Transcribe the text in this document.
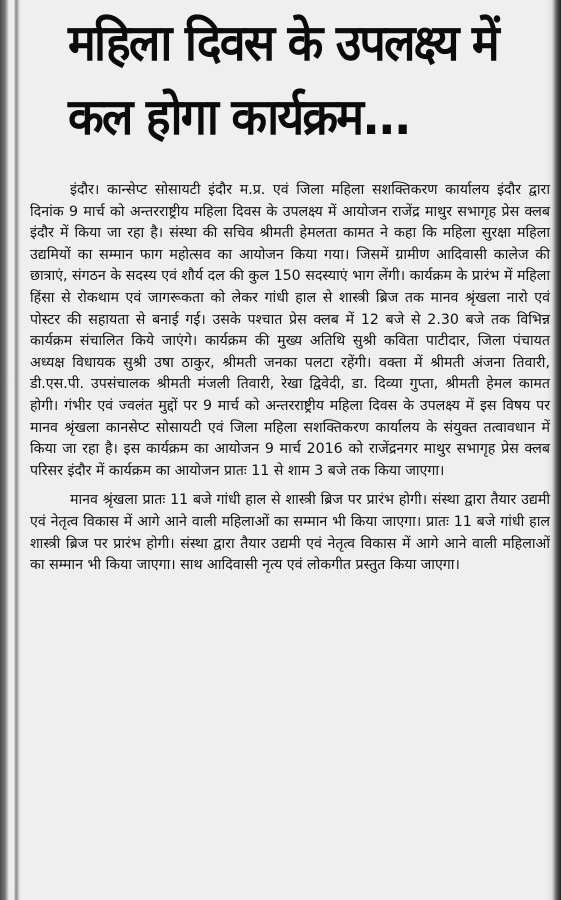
महिला दिवस के उपलक्ष्य में कल होगा कार्यक्रम...

इंदौर। कान्सेप्ट सोसायटी इंदौर म.प्र. एवं जिला महिला सशक्तिकरण कार्यालय इंदौर द्वारा दिनांक 9 मार्च को अन्तरराष्ट्रीय महिला दिवस के उपलक्ष्य में आयोजन राजेंद्र माथुर सभागृह प्रेस क्लब इंदौर में किया जा रहा है। संस्था की सचिव श्रीमती हेमलता कामत ने कहा कि महिला सुरक्षा महिला उद्यमियों का सम्मान फाग महोत्सव का आयोजन किया गया। जिसमें ग्रामीण आदिवासी कालेज की छात्राएं, संगठन के सदस्य एवं शौर्य दल की कुल 150 सदस्याएं भाग लेंगी। कार्यक्रम के प्रारंभ में महिला हिंसा से रोकथाम एवं जागरूकता को लेकर गांधी हाल से शास्त्री ब्रिज तक मानव श्रृंखला नारो एवं पोस्टर की सहायता से बनाई गई। उसके पश्चात प्रेस क्लब में 12 बजे से 2.30 बजे तक विभिन्न कार्यक्रम संचालित किये जाएंगे। कार्यक्रम की मुख्य अतिथि सुश्री कविता पाटीदार, जिला पंचायत अध्यक्ष विधायक सुश्री उषा ठाकुर, श्रीमती जनका पलटा रहेंगी। वक्ता में श्रीमती अंजना तिवारी, डी.एस.पी. उपसंचालक श्रीमती मंजली तिवारी, रेखा द्विवेदी, डा. दिव्या गुप्ता, श्रीमती हेमल कामत होगी। गंभीर एवं ज्वलंत मुद्दों पर 9 मार्च को अन्तरराष्ट्रीय महिला दिवस के उपलक्ष्य में इस विषय पर मानव श्रृंखला कानसेप्ट सोसायटी एवं जिला महिला सशक्तिकरण कार्यालय के संयुक्त तत्वावधान में किया जा रहा है। इस कार्यक्रम का आयोजन 9 मार्च 2016 को राजेंद्रनगर माथुर सभागृह प्रेस क्लब परिसर इंदौर में कार्यक्रम का आयोजन प्रातः 11 से शाम 3 बजे तक किया जाएगा।

मानव श्रृंखला प्रातः 11 बजे गांधी हाल से शास्त्री ब्रिज पर प्रारंभ होगी। संस्था द्वारा तैयार उद्यमी एवं नेतृत्व विकास में आगे आने वाली महिलाओं का सम्मान भी किया जाएगा। प्रातः 11 बजे गांधी हाल शास्त्री ब्रिज पर प्रारंभ होगी। संस्था द्वारा तैयार उद्यमी एवं नेतृत्व विकास में आगे आने वाली महिलाओं का सम्मान भी किया जाएगा। साथ आदिवासी नृत्य एवं लोकगीत प्रस्तुत किया जाएगा।
